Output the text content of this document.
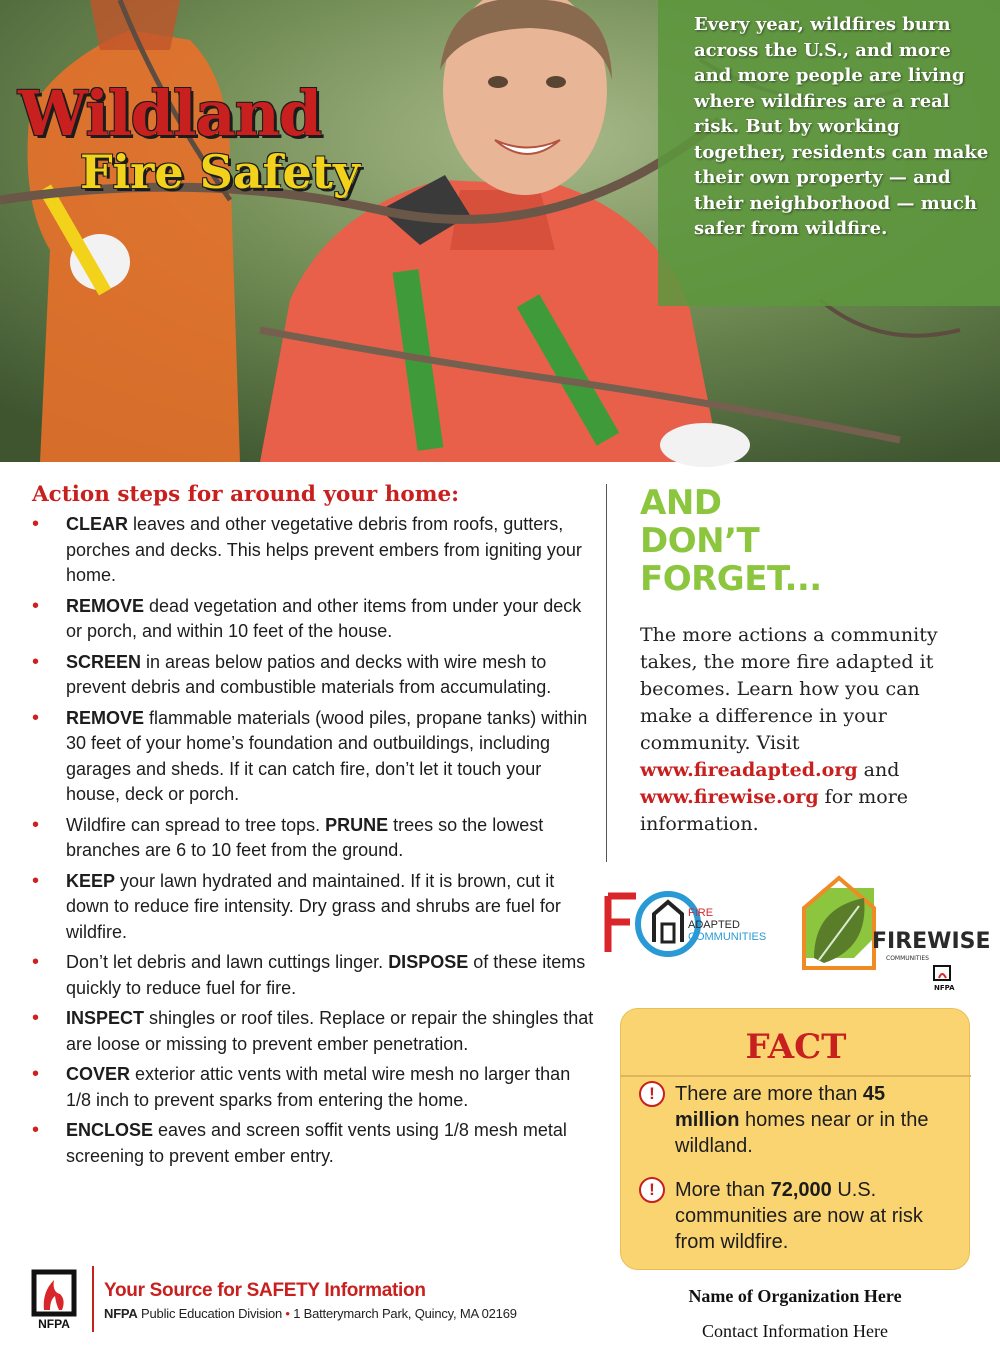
Wildland
Fire Safety

Every year, wildfires burn across the U.S., and more and more people are living where wildfires are a real risk. But by working together, residents can make their own property — and their neighborhood — much safer from wildfire.

Action steps for around your home:
• CLEAR leaves and other vegetative debris from roofs, gutters, porches and decks. This helps prevent embers from igniting your home.
• REMOVE dead vegetation and other items from under your deck or porch, and within 10 feet of the house.
• SCREEN in areas below patios and decks with wire mesh to prevent debris and combustible materials from accumulating.
• REMOVE flammable materials (wood piles, propane tanks) within 30 feet of your home’s foundation and outbuildings, including garages and sheds. If it can catch fire, don’t let it touch your house, deck or porch.
• Wildfire can spread to tree tops. PRUNE trees so the lowest branches are 6 to 10 feet from the ground.
• KEEP your lawn hydrated and maintained. If it is brown, cut it down to reduce fire intensity. Dry grass and shrubs are fuel for wildfire.
• Don’t let debris and lawn cuttings linger. DISPOSE of these items quickly to reduce fuel for fire.
• INSPECT shingles or roof tiles. Replace or repair the shingles that are loose or missing to prevent ember penetration.
• COVER exterior attic vents with metal wire mesh no larger than 1/8 inch to prevent sparks from entering the home.
• ENCLOSE eaves and screen soffit vents using 1/8 mesh metal screening to prevent ember entry.
AND
DON’T
FORGET...

The more actions a community takes, the more fire adapted it becomes. Learn how you can make a difference in your community. Visit www.fireadapted.org and www.firewise.org for more information.

FIRE
ADAPTED
COMMUNITIES	FIREWISE
COMMUNITIES
NFPA
FACT
!	There are more than 45 million homes near or in the wildland.

!	More than 72,000 U.S. communities are now at risk from wildfire.

Name of Organization Here
Contact Information Here
NFPA
Your Source for SAFETY Information
NFPA Public Education Division • 1 Batterymarch Park, Quincy, MA 02169
